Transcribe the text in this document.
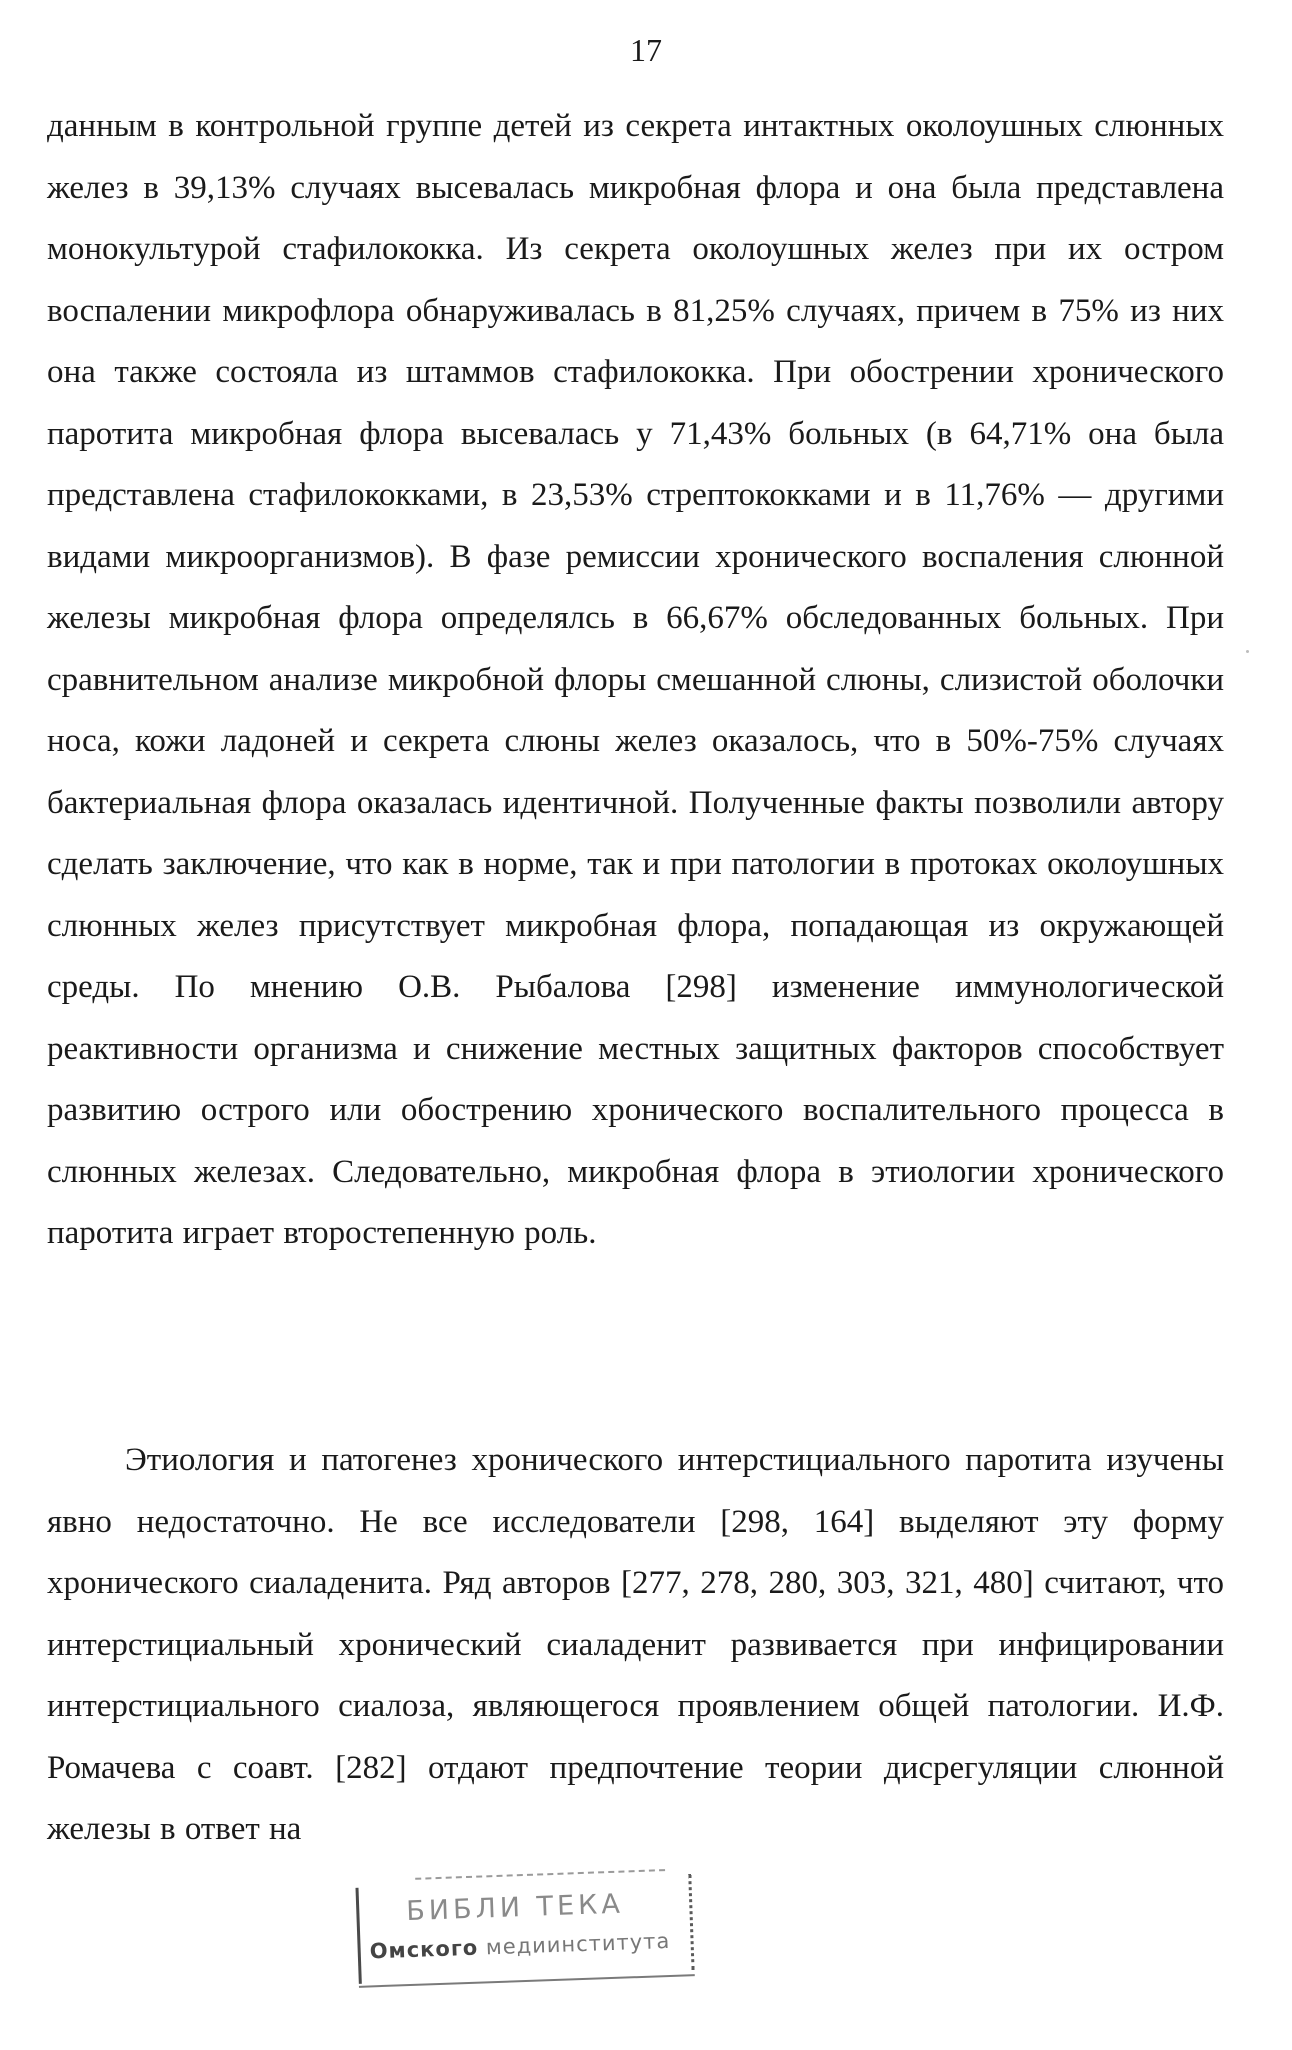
17
данным в контрольной группе детей из секрета интактных околоушных слюнных желез в 39,13% случаях высевалась микробная флора и она была представлена монокультурой стафилококка. Из секрета околоушных желез при их остром воспалении микрофлора обнаруживалась в 81,25% случаях, причем в 75% из них она также состояла из штаммов стафилококка. При обострении хронического паротита микробная флора высевалась у 71,43% больных (в 64,71% она была представлена стафилококками, в 23,53% стрептококками и в 11,76% — другими видами микроорганизмов). В фазе ремиссии хронического воспаления слюнной железы микробная флора определялсь в 66,67% обследованных больных. При сравнительном анализе микробной флоры смешанной слюны, слизистой оболочки носа, кожи ладоней и секрета слюны желез оказалось, что в 50%-75% случаях бактериальная флора оказалась идентичной. Полученные факты позволили автору сделать заключение, что как в норме, так и при патологии в протоках околоушных слюнных желез присутствует микробная флора, попадающая из окружающей среды. По мнению О.В. Рыбалова [298] изменение иммунологической реактивности организма и снижение местных защитных факторов способствует развитию острого или обострению хронического воспалительного процесса в слюнных железах. Следовательно, микробная флора в этиологии хронического паротита играет второстепенную роль.
Этиология и патогенез хронического интерстициального паротита изучены явно недостаточно. Не все исследователи [298, 164] выделяют эту форму хронического сиаладенита. Ряд авторов [277, 278, 280, 303, 321, 480] считают, что интерстициальный хронический сиаладенит развивается при инфицировании интерстициального сиалоза, являющегося проявлением общей патологии. И.Ф. Ромачева с соавт. [282] отдают предпочтение теории дисрегуляции слюнной железы в ответ на
БИБЛИ ТЕКА
Омского медиинститута
